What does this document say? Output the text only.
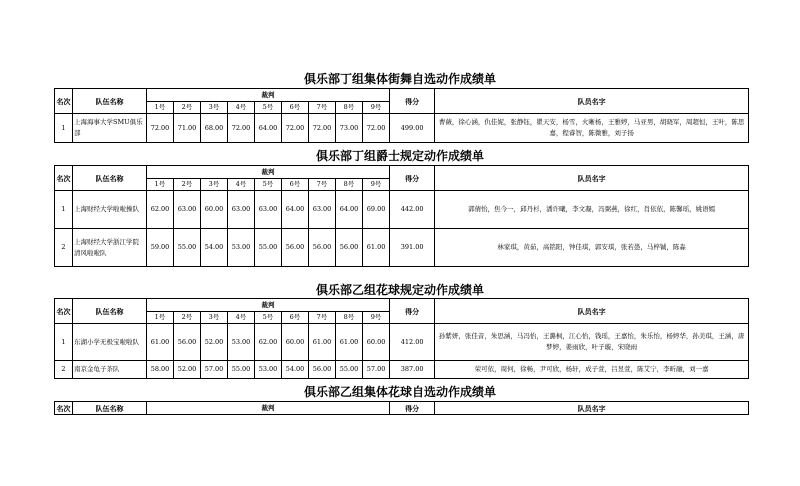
俱乐部丁组集体街舞自选动作成绩单
名次	队伍名称	裁判									得分	队员名字
		1号	2号	3号	4号	5号	6号	7号	8号	9号		
1	上海海事大学SMU俱乐部	72.00	71.00	68.00	72.00	64.00	72.00	72.00	73.00	72.00	499.00	曹薇，徐心涵，仇佳妮，张静钰，瞿天安，杨雪，火晰杨，王雅婷，马亚男，胡晓军，周超恒，王叶，陈思嘉，程睿智，陈微雅，刘子扬
俱乐部丁组爵士规定动作成绩单
名次	队伍名称	裁判									得分	队员名字
		1号	2号	3号	4号	5号	6号	7号	8号	9号		
1	上海财经大学啦啦操队	62.00	63.00	60.00	63.00	63.00	64.00	63.00	64.00	69.00	442.00	郭倩怡，焦今一，邱丹杉，潘许曦，李文凝，冯弼燕，徐红，肖依依，陈馨瑶，姚语嫣
2	上海财经大学浙江学院清风啦啦队	59.00	55.00	54.00	53.00	55.00	56.00	56.00	56.00	61.00	391.00	林家琪，黄茹，高铭阳，钟佳琪，郭安琪，张若愚，马梓铖，陈淼
俱乐部乙组花球规定动作成绩单
名次	队伍名称	裁判									得分	队员名字
		1号	2号	3号	4号	5号	6号	7号	8号	9号		
1	东湖小学无极宝啦啦队	61.00	56.00	52.00	53.00	62.00	60.00	61.00	61.00	60.00	412.00	孙紫妍，张佳音，朱思涵，马冯怡，王潞枫，江心怡，钱瑶，王嘉怡，朱乐怡，杨婷华，孙美琪，王涵，唐梦婷，姜雨欣，叶子璇，宋晓雨
2	南京金龟子茶队	58.00	52.00	57.00	55.00	53.00	54.00	56.00	55.00	57.00	387.00	荣可依，周何，徐畅，尹可欣，杨轩，成子萱，吕昱萱，陈艾宁，李昕融，刘一嘉
俱乐部乙组集体花球自选动作成绩单
名次	队伍名称	裁判	得分	队员名字
